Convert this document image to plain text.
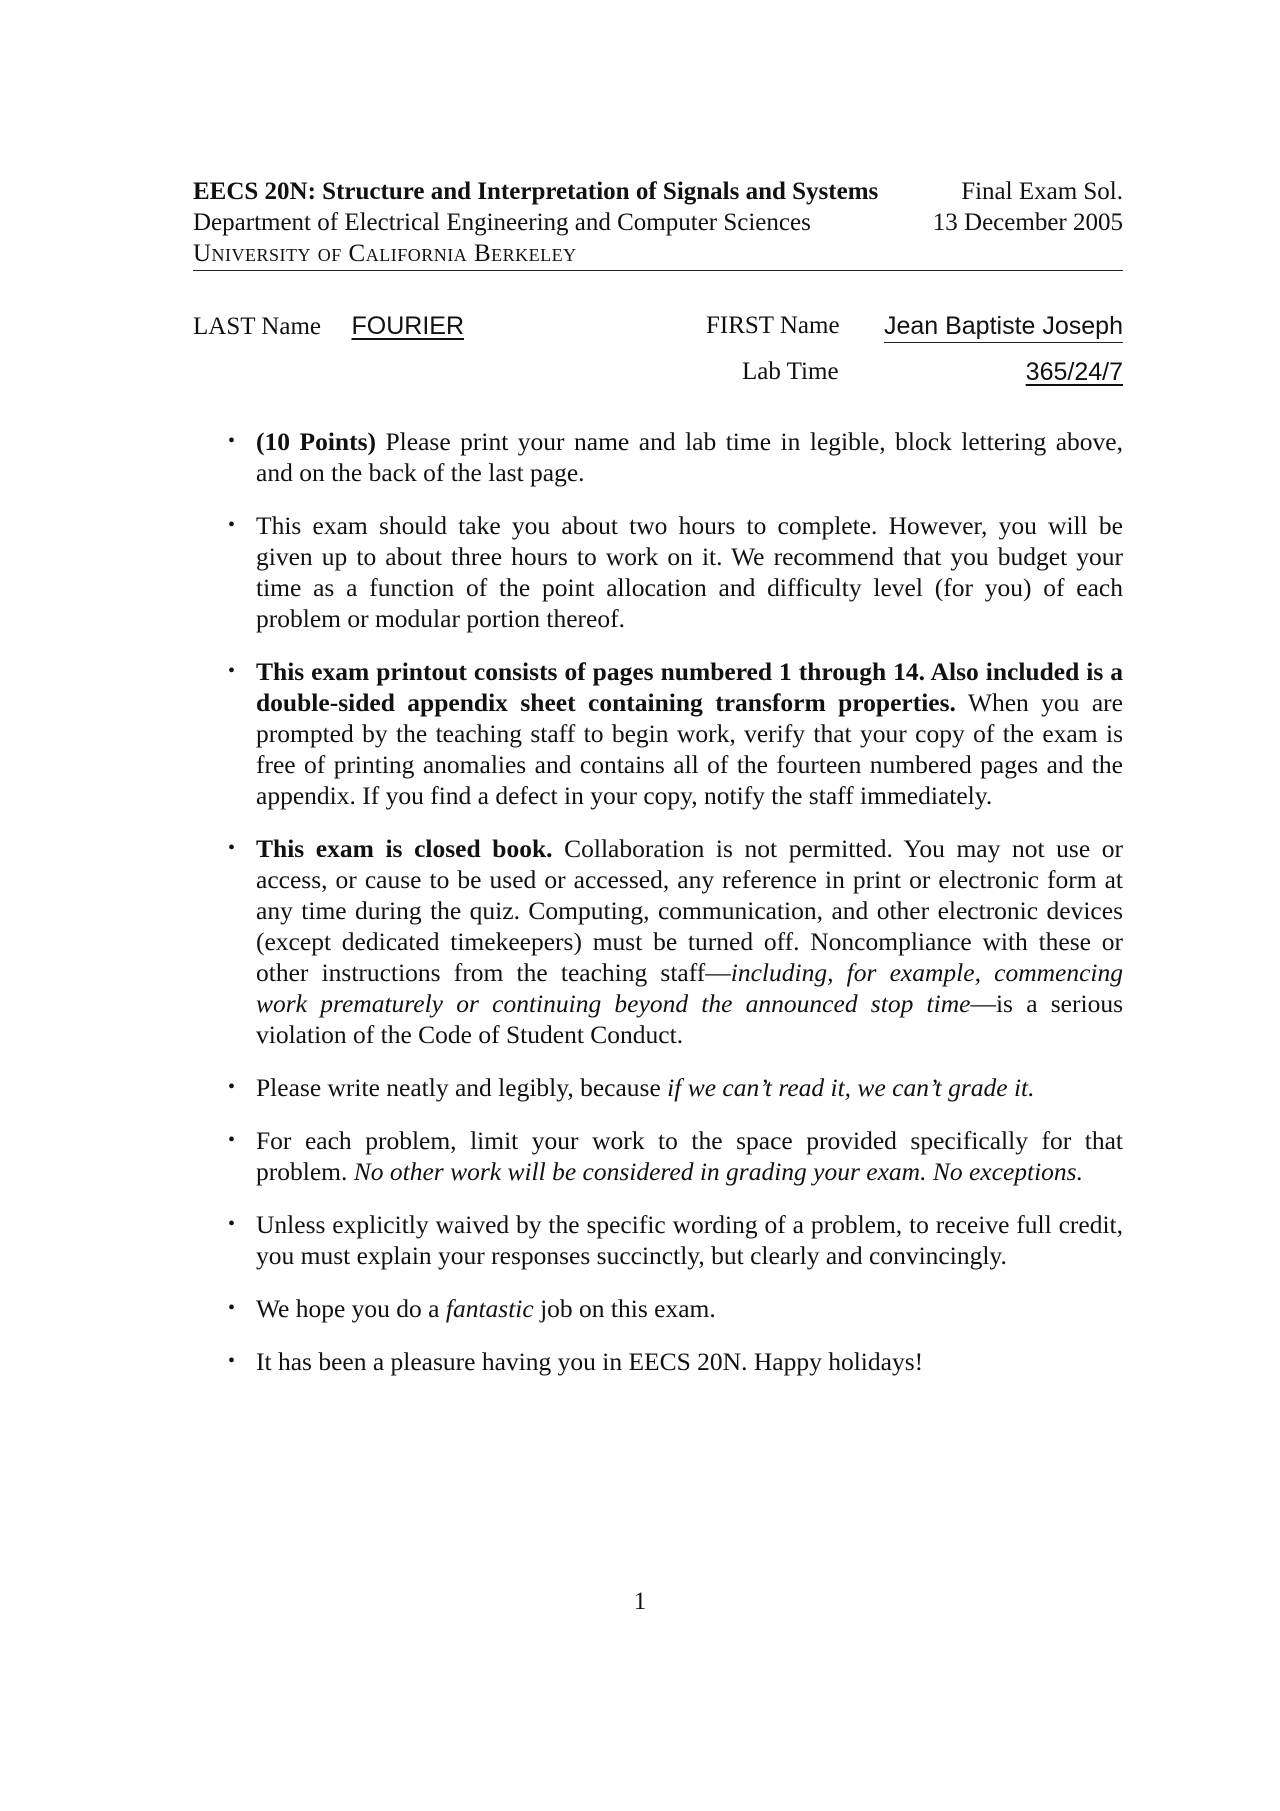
EECS 20N: Structure and Interpretation of Signals and Systems	Final Exam Sol.
Department of Electrical Engineering and Computer Sciences	13 December 2005
University of California Berkeley
LAST Name FOURIER	FIRST Name	Jean Baptiste Joseph
Lab Time	365/24/7
• (10 Points) Please print your name and lab time in legible, block lettering above, and on the back of the last page.
• This exam should take you about two hours to complete. However, you will be given up to about three hours to work on it. We recommend that you budget your time as a function of the point allocation and difficulty level (for you) of each problem or modular portion thereof.
• This exam printout consists of pages numbered 1 through 14. Also included is a double-sided appendix sheet containing transform properties. When you are prompted by the teaching staff to begin work, verify that your copy of the exam is free of printing anomalies and contains all of the fourteen numbered pages and the appendix. If you find a defect in your copy, notify the staff immediately.
• This exam is closed book. Collaboration is not permitted. You may not use or access, or cause to be used or accessed, any reference in print or electronic form at any time during the quiz. Computing, communication, and other electronic devices (except dedicated timekeepers) must be turned off. Noncompliance with these or other instructions from the teaching staff—including, for example, commencing work prematurely or continuing beyond the announced stop time—is a serious violation of the Code of Student Conduct.
• Please write neatly and legibly, because if we can’t read it, we can’t grade it.
• For each problem, limit your work to the space provided specifically for that problem. No other work will be considered in grading your exam. No exceptions.
• Unless explicitly waived by the specific wording of a problem, to receive full credit, you must explain your responses succinctly, but clearly and convincingly.
• We hope you do a fantastic job on this exam.
• It has been a pleasure having you in EECS 20N. Happy holidays!
1
